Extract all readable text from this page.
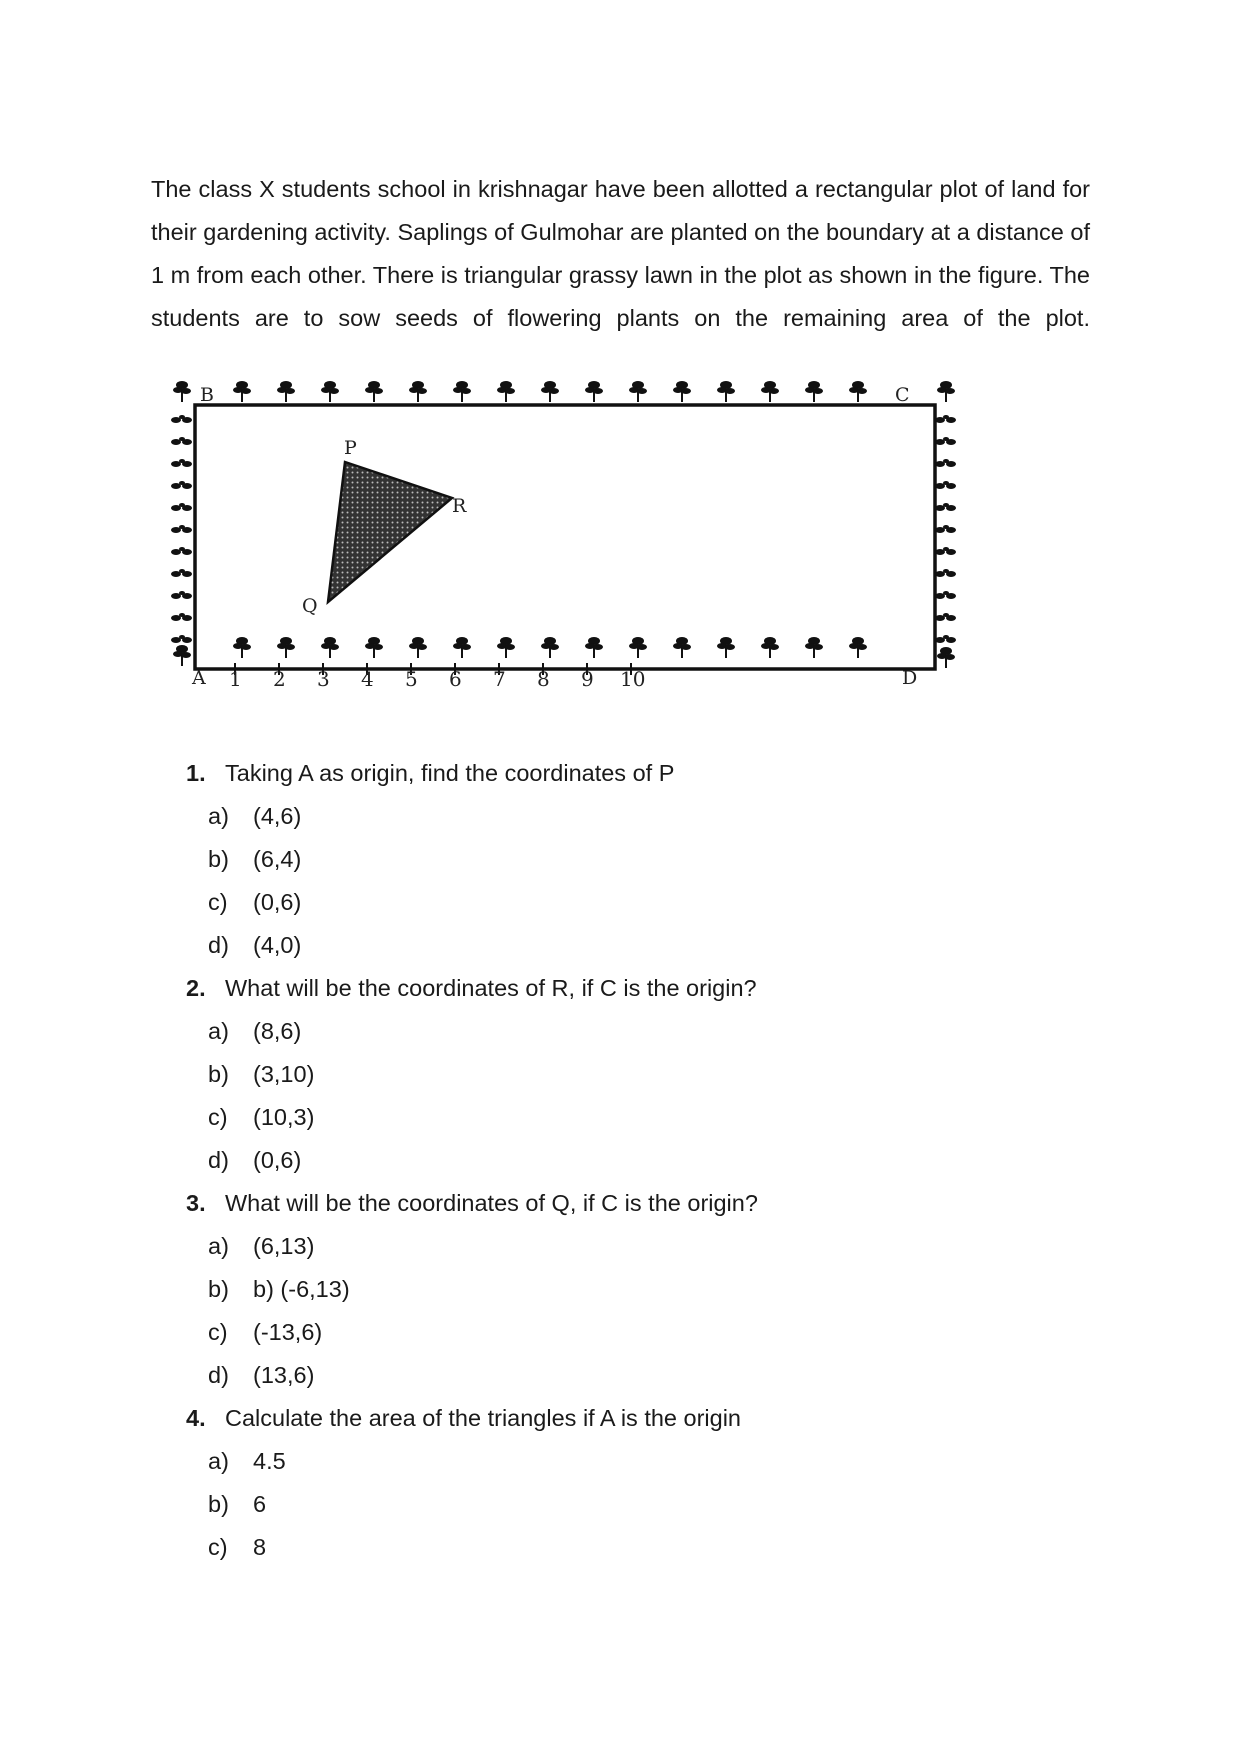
The class X students school in krishnagar have been allotted a rectangular plot of land for their gardening activity. Saplings of Gulmohar are planted on the boundary at a distance of 1 m from each other. There is triangular grassy lawn in the plot as shown in the figure. The students are to sow seeds of flowering plants on the remaining area of the plot.

B	C
A	D
P
R
Q
1 2 3 4 5 6 7 8 9 10
1. Taking A as origin, find the coordinates of P
a) (4,6)
b) (6,4)
c) (0,6)
d) (4,0)
2. What will be the coordinates of R, if C is the origin?
a) (8,6)
b) (3,10)
c) (10,3)
d) (0,6)
3. What will be the coordinates of Q, if C is the origin?
a) (6,13)
b) b) (-6,13)
c) (-13,6)
d) (13,6)
4. Calculate the area of the triangles if A is the origin
a) 4.5
b) 6
c) 8
